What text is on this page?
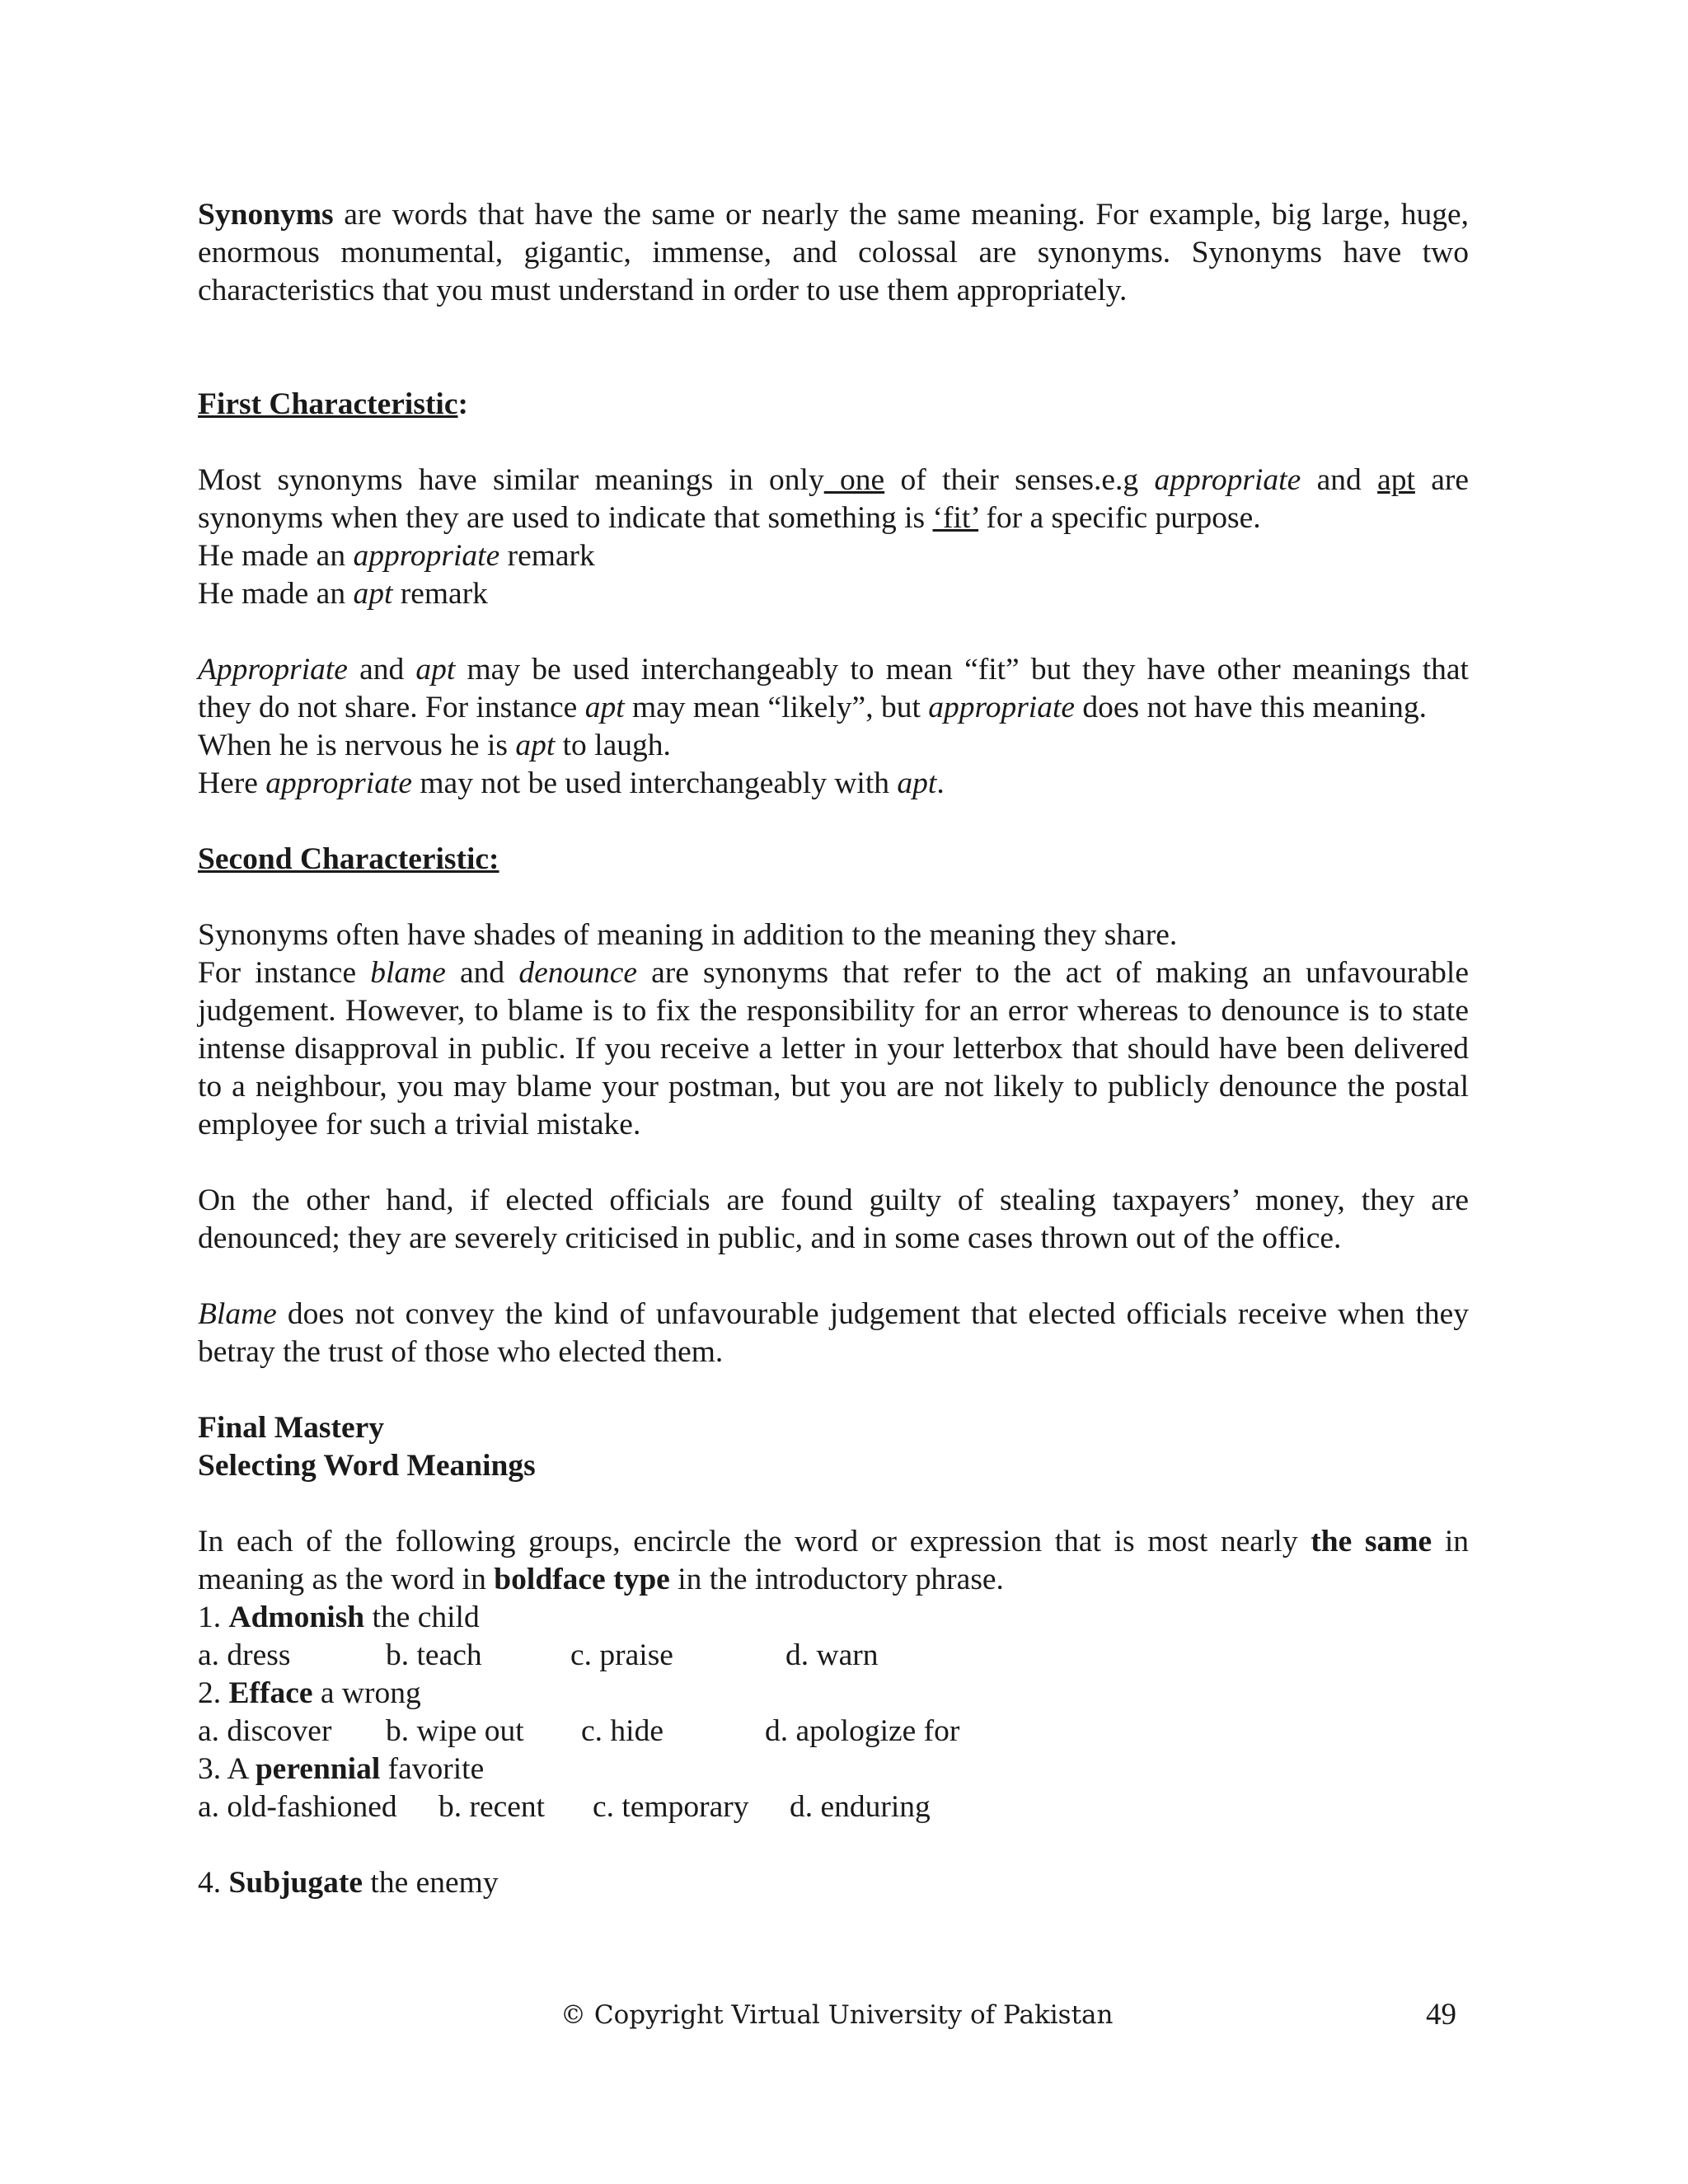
Synonyms are words that have the same or nearly the same meaning. For example, big large, huge, enormous monumental, gigantic, immense, and colossal are synonyms. Synonyms have two characteristics that you must understand in order to use them appropriately.

First Characteristic:

Most synonyms have similar meanings in only one of their senses.e.g appropriate and apt are synonyms when they are used to indicate that something is ‘fit’ for a specific purpose.

He made an appropriate remark

He made an apt remark

Appropriate and apt may be used interchangeably to mean “fit” but they have other meanings that they do not share. For instance apt may mean “likely”, but appropriate does not have this meaning.

When he is nervous he is apt to laugh.

Here appropriate may not be used interchangeably with apt.

Second Characteristic:

Synonyms often have shades of meaning in addition to the meaning they share.

For instance blame and denounce are synonyms that refer to the act of making an unfavourable judgement. However, to blame is to fix the responsibility for an error whereas to denounce is to state intense disapproval in public. If you receive a letter in your letterbox that should have been delivered to a neighbour, you may blame your postman, but you are not likely to publicly denounce the postal employee for such a trivial mistake.

On the other hand, if elected officials are found guilty of stealing taxpayers’ money, they are denounced; they are severely criticised in public, and in some cases thrown out of the office.

Blame does not convey the kind of unfavourable judgement that elected officials receive when they betray the trust of those who elected them.

Final Mastery

Selecting Word Meanings

In each of the following groups, encircle the word or expression that is most nearly the same in meaning as the word in boldface type in the introductory phrase.

1. Admonish the child

a. dress	b. teach	c. praise	d. warn

2. Efface a wrong

a. discover	b. wipe out	c. hide	d. apologize for

3. A perennial favorite

a. old-fashioned	b. recent	c. temporary	d. enduring

4. Subjugate the enemy

© Copyright Virtual University of Pakistan	49
